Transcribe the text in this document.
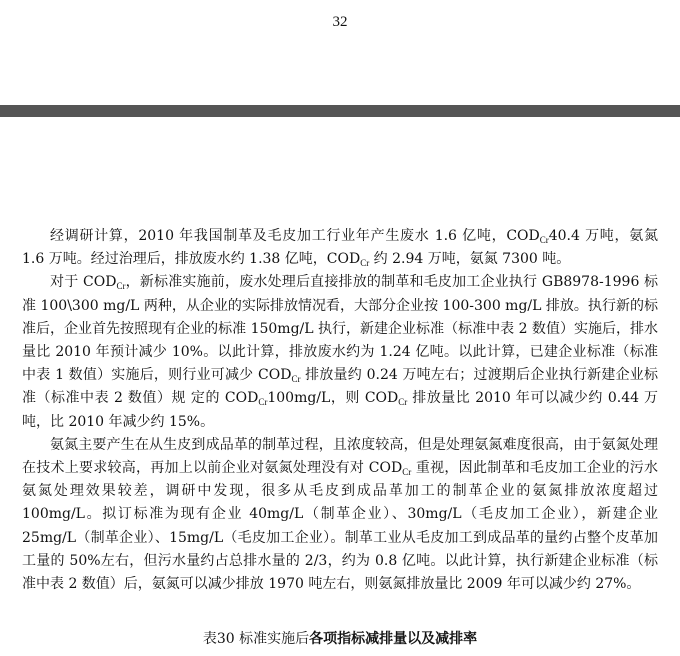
32

经调研计算，2010 年我国制革及毛皮加工行业年产生废水 1.6 亿吨，$COD_{Cr}40.4$ 万吨，氨氮 1.6 万吨。经过治理后，排放废水约 1.38 亿吨，$COD_{Cr}$ 约 2.94 万吨，氨氮 7300 吨。

对于 $COD_{Cr}$，新标准实施前，废水处理后直接排放的制革和毛皮加工企业执行 GB8978-1996 标准 100\300 mg/L 两种，从企业的实际排放情况看，大部分企业按 100-300 mg/L 排放。执行新的标准后，企业首先按照现有企业的标准 150mg/L 执行，新建企业标准（标准中表 2 数值）实施后，排水量比 2010 年预计减少 10%。以此计算，排放废水约为 1.24 亿吨。以此计算，已建企业标准（标准中表 1 数值）实施后，则行业可减少 $COD_{Cr}$ 排放量约 0.24 万吨左右；过渡期后企业执行新建企业标准（标准中表 2 数值）规 定的 $COD_{Cr}100mg/L$，则 $COD_{Cr}$ 排放量比 2010 年可以减少约 0.44 万吨，比 2010 年减少约 15%。

氨氮主要产生在从生皮到成品革的制革过程，且浓度较高，但是处理氨氮难度很高，由于氨氮处理在技术上要求较高，再加上以前企业对氨氮处理没有对 $COD_{Cr}$ 重视，因此制革和毛皮加工企业的污水氨氮处理效果较差，调研中发现，很多从毛皮到成品革加工的制革企业的氨氮排放浓度超过 100mg/L。拟订标准为现有企业 40mg/L（制革企业）、30mg/L（毛皮加工企业），新建企业 25mg/L（制革企业）、15mg/L（毛皮加工企业）。制革工业从毛皮加工到成品革的量约占整个皮革加工量的 50%左右，但污水量约占总排水量的 2/3，约为 0.8 亿吨。以此计算，执行新建企业标准（标准中表 2 数值）后，氨氮可以减少排放 1970 吨左右，则氨氮排放量比 2009 年可以减少约 27%。

表30 标准实施后各项指标减排量以及减排率
